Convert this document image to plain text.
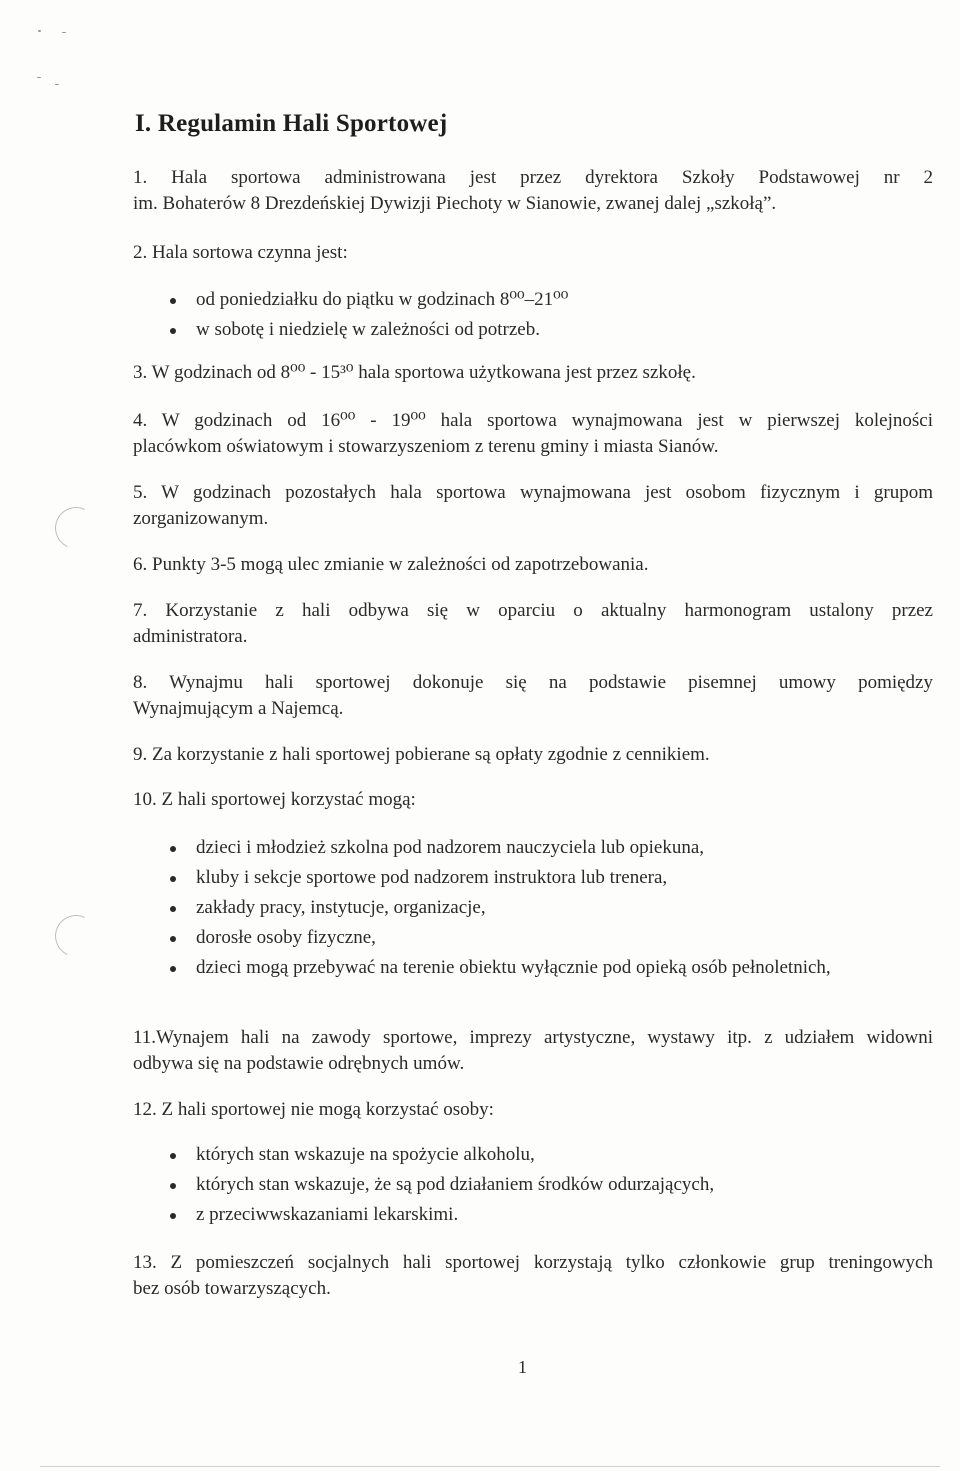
I. Regulamin Hali Sportowej
1. Hala sportowa administrowana jest przez dyrektora Szkoły Podstawowej nr 2
im. Bohaterów 8 Drezdeńskiej Dywizji Piechoty w Sianowie, zwanej dalej „szkołą”.
2. Hala sortowa czynna jest:
od poniedziałku do piątku w godzinach 8⁰⁰–21⁰⁰
w sobotę i niedzielę w zależności od potrzeb.
3. W godzinach od 8⁰⁰ - 15³⁰ hala sportowa użytkowana jest przez szkołę.
4. W godzinach od 16⁰⁰ - 19⁰⁰ hala sportowa wynajmowana jest w pierwszej kolejności
placówkom oświatowym i stowarzyszeniom z terenu gminy i miasta Sianów.
5. W godzinach pozostałych hala sportowa wynajmowana jest osobom fizycznym i grupom
zorganizowanym.
6. Punkty 3-5 mogą ulec zmianie w zależności od zapotrzebowania.
7. Korzystanie z hali odbywa się w oparciu o aktualny harmonogram ustalony przez
administratora.
8. Wynajmu hali sportowej dokonuje się na podstawie pisemnej umowy pomiędzy
Wynajmującym a Najemcą.
9. Za korzystanie z hali sportowej pobierane są opłaty zgodnie z cennikiem.
10. Z hali sportowej korzystać mogą:
dzieci i młodzież szkolna pod nadzorem nauczyciela lub opiekuna,
kluby i sekcje sportowe pod nadzorem instruktora lub trenera,
zakłady pracy, instytucje, organizacje,
dorosłe osoby fizyczne,
dzieci mogą przebywać na terenie obiektu wyłącznie pod opieką osób pełnoletnich,
11.Wynajem hali na zawody sportowe, imprezy artystyczne, wystawy itp. z udziałem widowni
odbywa się na podstawie odrębnych umów.
12. Z hali sportowej nie mogą korzystać osoby:
których stan wskazuje na spożycie alkoholu,
których stan wskazuje, że są pod działaniem środków odurzających,
z przeciwwskazaniami lekarskimi.
13. Z pomieszczeń socjalnych hali sportowej korzystają tylko członkowie grup treningowych
bez osób towarzyszących.
1
